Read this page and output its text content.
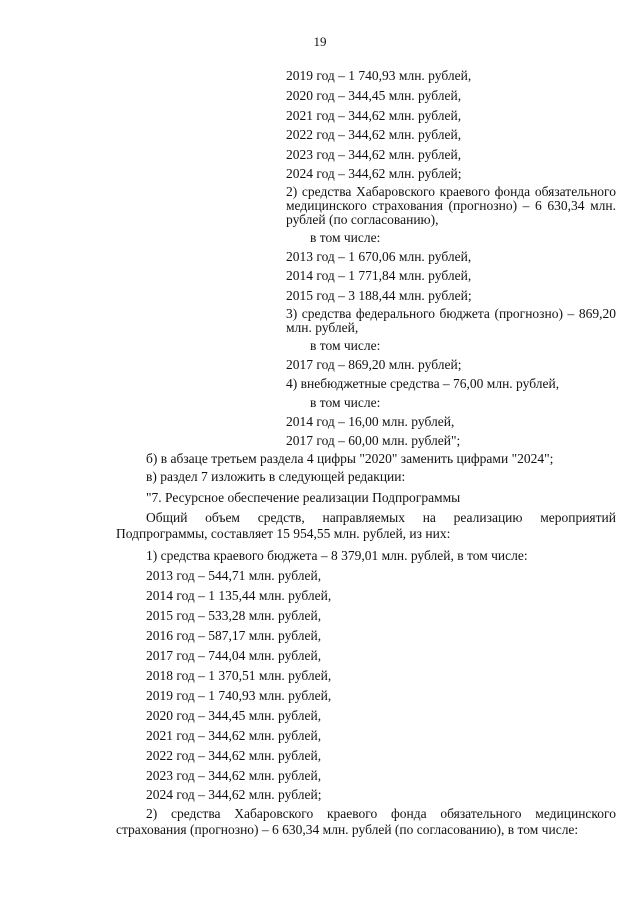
19
2019 год – 1 740,93 млн. рублей,
2020 год – 344,45 млн. рублей,
2021 год – 344,62 млн. рублей,
2022 год – 344,62 млн. рублей,
2023 год – 344,62 млн. рублей,
2024 год – 344,62 млн. рублей;
2) средства Хабаровского краевого фонда обязательного медицинского страхования (прогнозно) – 6 630,34 млн. рублей (по согласованию),
в том числе:
2013 год – 1 670,06 млн. рублей,
2014 год – 1 771,84 млн. рублей,
2015 год – 3 188,44 млн. рублей;
3) средства федерального бюджета (прогнозно) – 869,20 млн. рублей,
в том числе:
2017 год – 869,20 млн. рублей;
4) внебюджетные средства – 76,00 млн. рублей,
в том числе:
2014 год – 16,00 млн. рублей,
2017 год – 60,00 млн. рублей";
б) в абзаце третьем раздела 4 цифры "2020" заменить цифрами "2024";
в) раздел 7 изложить в следующей редакции:
"7. Ресурсное обеспечение реализации Подпрограммы
Общий объем средств, направляемых на реализацию мероприятий Подпрограммы, составляет 15 954,55 млн. рублей, из них:
1) средства краевого бюджета – 8 379,01 млн. рублей, в том числе:
2013 год – 544,71 млн. рублей,
2014 год – 1 135,44 млн. рублей,
2015 год – 533,28 млн. рублей,
2016 год – 587,17 млн. рублей,
2017 год – 744,04 млн. рублей,
2018 год – 1 370,51 млн. рублей,
2019 год – 1 740,93 млн. рублей,
2020 год – 344,45 млн. рублей,
2021 год – 344,62 млн. рублей,
2022 год – 344,62 млн. рублей,
2023 год – 344,62 млн. рублей,
2024 год – 344,62 млн. рублей;
2) средства Хабаровского краевого фонда обязательного медицинского страхования (прогнозно) – 6 630,34 млн. рублей (по согласованию), в том числе:
